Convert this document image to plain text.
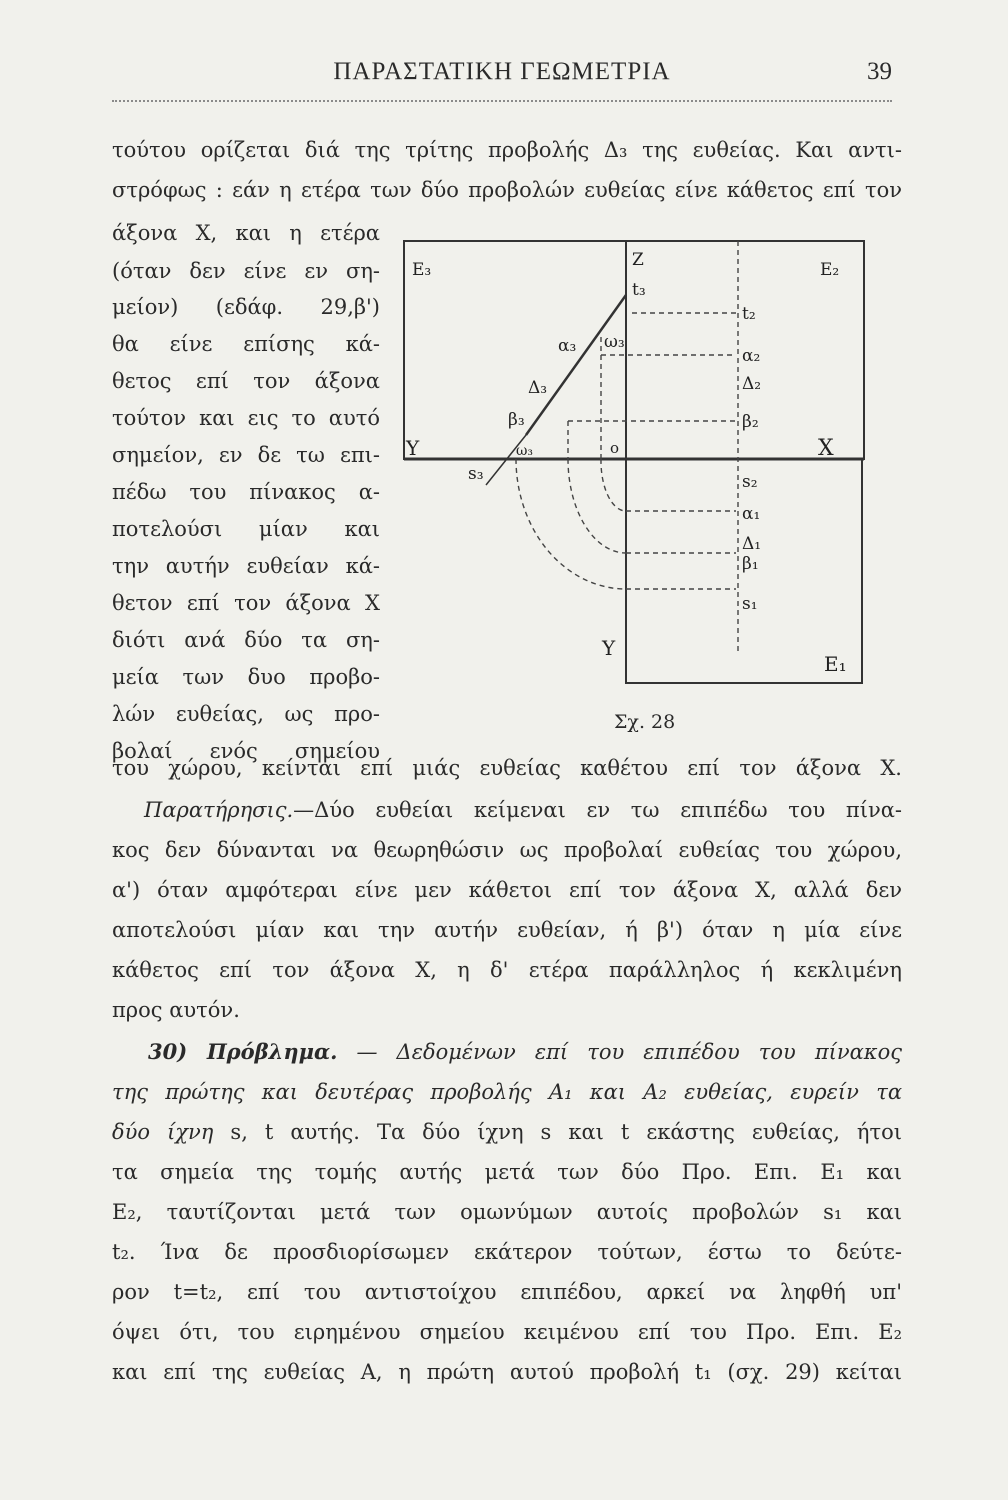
ΠΑΡΑΣΤΑΤΙΚΗ ΓΕΩΜΕΤΡΙΑ	39
τούτου ορίζεται διά της τρίτης προβολής Δ₃ της ευθείας. Και αντι-
στρόφως : εάν η ετέρα των δύο προβολών ευθείας είνε κάθετος επί τον
άξονα X, και η ετέρα
(όταν δεν είνε εν ση-
μείον) (εδάφ. 29,β')
θα είνε επίσης κά-
θετος επί τον άξονα
τούτον και εις το αυτό
σημείον, εν δε τω επι-
πέδω του πίνακος α-
ποτελούσι μίαν και
την αυτήν ευθείαν κά-
θετον επί τον άξονα X
διότι ανά δύο τα ση-
μεία των δυο προβο-
λών ευθείας, ως προ-
βολαί ενός σημείου
E₃	Z	E₂
t₃
t₂
α₃ ω₃
α₂
Δ₃	Δ₂
β₃	β₂
Y	X
ω₃	o
s₃	s₂
α₁
Δ₁
β₁
s₁
Y
E₁
Σχ. 28
του χώρου, κείνται επί μιάς ευθείας καθέτου επί τον άξονα X.
Παρατήρησις.—Δύο ευθείαι κείμεναι εν τω επιπέδω του πίνα-
κος δεν δύνανται να θεωρηθώσιν ως προβολαί ευθείας του χώρου,
α') όταν αμφότεραι είνε μεν κάθετοι επί τον άξονα X, αλλά δεν
αποτελούσι μίαν και την αυτήν ευθείαν, ή β') όταν η μία είνε
κάθετος επί τον άξονα X, η δ' ετέρα παράλληλος ή κεκλιμένη
προς αυτόν.
30) Πρόβλημα. — Δεδομένων επί του επιπέδου του πίνακος
της πρώτης και δευτέρας προβολής A₁ και A₂ ευθείας, ευρείν τα
δύο ίχνη s, t αυτής. Τα δύο ίχνη s και t εκάστης ευθείας, ήτοι
τα σημεία της τομής αυτής μετά των δύο Προ. Επι. E₁ και
E₂, ταυτίζονται μετά των ομωνύμων αυτοίς προβολών s₁ και
t₂. Ίνα δε προσδιορίσωμεν εκάτερον τούτων, έστω το δεύτε-
ρον t=t₂, επί του αντιστοίχου επιπέδου, αρκεί να ληφθή υπ'
όψει ότι, του ειρημένου σημείου κειμένου επί του Προ. Επι. E₂
και επί της ευθείας A, η πρώτη αυτού προβολή t₁ (σχ. 29) κείται
